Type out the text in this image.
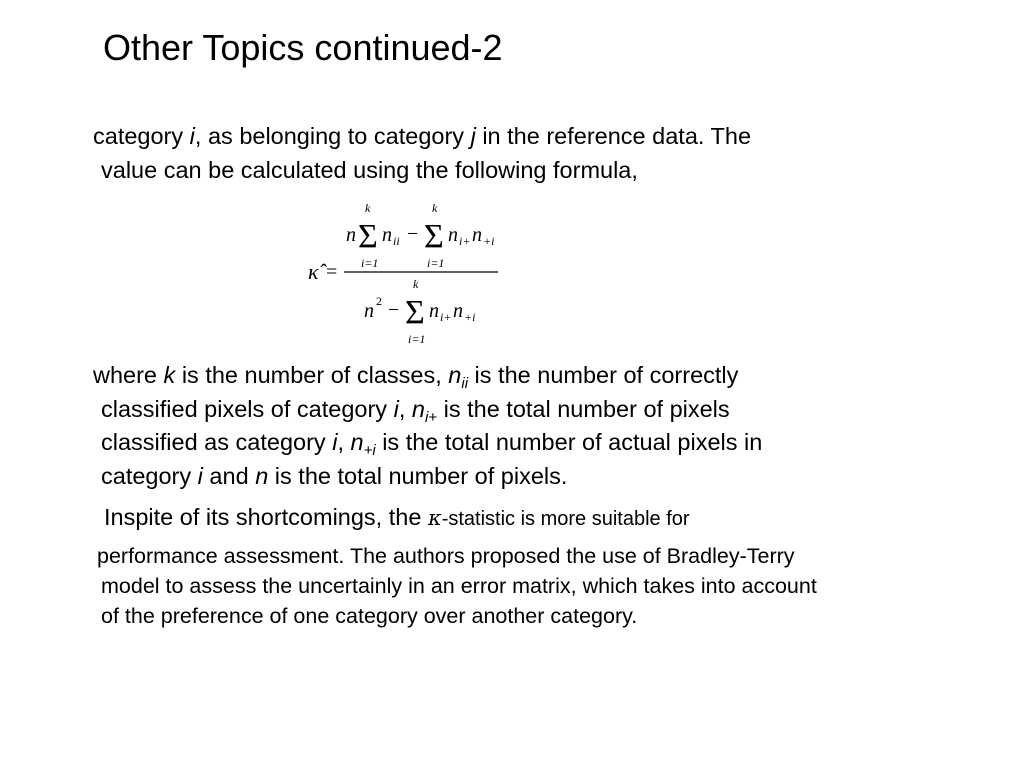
Other Topics continued-2

category i, as belonging to category j in the reference data. The
value can be calculated using the following formula,

κ̂ =
n
k
Σ
i=1
n ii −
k
Σ
i=1
n i+ n +i
n 2 −
k
Σ
i=1
n i+ n +i

where k is the number of classes, $n_{ii}$ is the number of correctly
classified pixels of category i, $n_{i+}$ is the total number of pixels
classified as category i, $n_{+i}$ is the total number of actual pixels in
category i and n is the total number of pixels.

Inspite of its shortcomings, the κ-statistic is more suitable for

performance assessment. The authors proposed the use of Bradley-Terry
model to assess the uncertainly in an error matrix, which takes into account
of the preference of one category over another category.
